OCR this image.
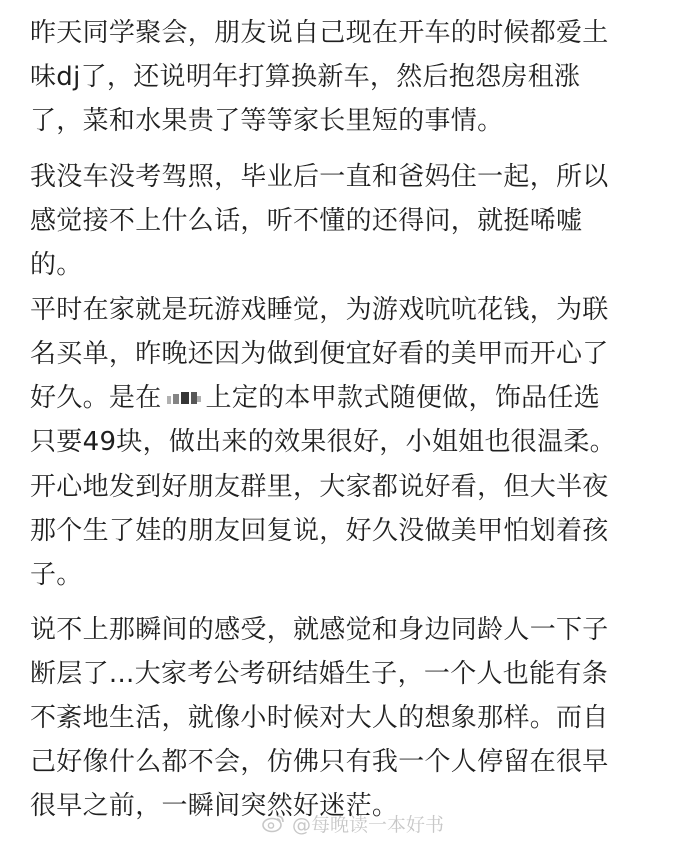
昨天同学聚会，朋友说自己现在开车的时候都爱土
味dj了，还说明年打算换新车，然后抱怨房租涨
了，菜和水果贵了等等家长里短的事情。
我没车没考驾照，毕业后一直和爸妈住一起，所以
感觉接不上什么话，听不懂的还得问，就挺唏嘘
的。
平时在家就是玩游戏睡觉，为游戏吭吭花钱，为联
名买单，昨晚还因为做到便宜好看的美甲而开心了
好久。是在 上定的本甲款式随便做，饰品任选
只要49块，做出来的效果很好，小姐姐也很温柔。
开心地发到好朋友群里，大家都说好看，但大半夜
那个生了娃的朋友回复说，好久没做美甲怕划着孩
子。
说不上那瞬间的感受，就感觉和身边同龄人一下子
断层了...大家考公考研结婚生子，一个人也能有条
不紊地生活，就像小时候对大人的想象那样。而自
己好像什么都不会，仿佛只有我一个人停留在很早
很早之前，一瞬间突然好迷茫。
@每晚读一本好书
